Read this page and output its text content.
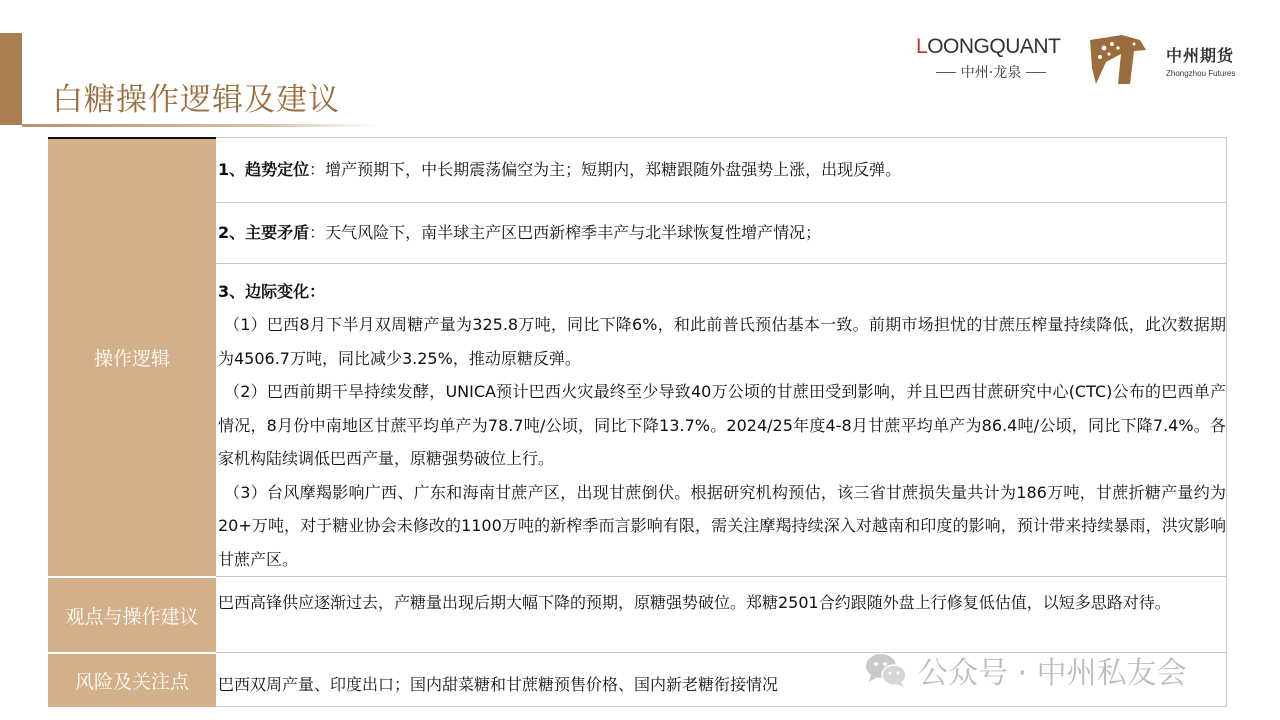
白糖操作逻辑及建议
LOONGQUANT
中州·龙泉
中州期货
Zhongzhou Futures
操作逻辑

1、趋势定位：增产预期下，中长期震荡偏空为主；短期内，郑糖跟随外盘强势上涨，出现反弹。

2、主要矛盾：天气风险下，南半球主产区巴西新榨季丰产与北半球恢复性增产情况；

3、边际变化：

（1）巴西8月下半月双周糖产量为325.8万吨，同比下降6%，和此前普氏预估基本一致。前期市场担忧的甘蔗压榨量持续降低，此次数据期为4506.7万吨，同比减少3.25%，推动原糖反弹。

（2）巴西前期干旱持续发酵，UNICA预计巴西火灾最终至少导致40万公顷的甘蔗田受到影响，并且巴西甘蔗研究中心(CTC)公布的巴西单产情况，8月份中南地区甘蔗平均单产为78.7吨/公顷，同比下降13.7%。2024/25年度4-8月甘蔗平均单产为86.4吨/公顷，同比下降7.4%。各家机构陆续调低巴西产量，原糖强势破位上行。

（3）台风摩羯影响广西、广东和海南甘蔗产区，出现甘蔗倒伏。根据研究机构预估，该三省甘蔗损失量共计为186万吨，甘蔗折糖产量约为20+万吨，对于糖业协会未修改的1100万吨的新榨季而言影响有限，需关注摩羯持续深入对越南和印度的影响，预计带来持续暴雨，洪灾影响甘蔗产区。

观点与操作建议
巴西高锋供应逐渐过去，产糖量出现后期大幅下降的预期，原糖强势破位。郑糖2501合约跟随外盘上行修复低估值，以短多思路对待。
风险及关注点	巴西双周产量、印度出口；国内甜菜糖和甘蔗糖预售价格、国内新老糖衔接情况	公众号 · 中州私友会
